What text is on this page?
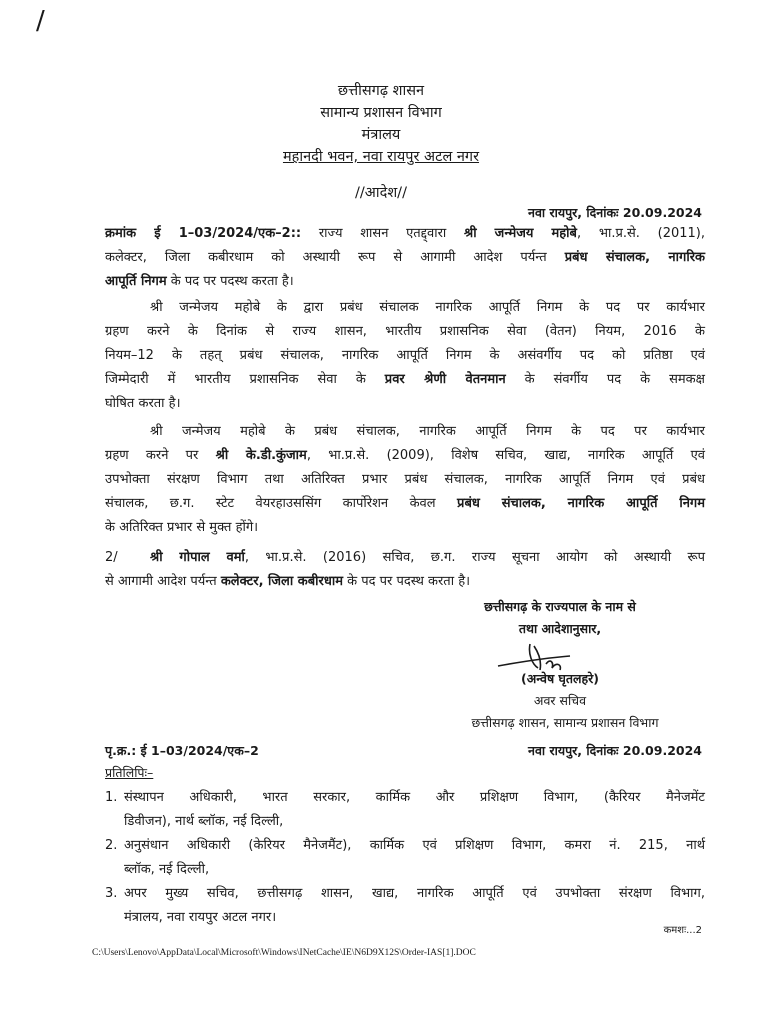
/
छत्तीसगढ़ शासन
सामान्य प्रशासन विभाग
मंत्रालय
महानदी भवन, नवा रायपुर अटल नगर
//आदेश//
नवा रायपुर, दिनांकः 20.09.2024
क्रमांक ई 1–03/2024/एक–2:: राज्य शासन एतद्द्वारा श्री जन्मेजय महोबे, भा.प्र.से. (2011),
कलेक्टर, जिला कबीरधाम को अस्थायी रूप से आगामी आदेश पर्यन्त प्रबंध संचालक, नागरिक
आपूर्ति निगम के पद पर पदस्थ करता है।
श्री जन्मेजय महोबे के द्वारा प्रबंध संचालक नागरिक आपूर्ति निगम के पद पर कार्यभार
ग्रहण करने के दिनांक से राज्य शासन, भारतीय प्रशासनिक सेवा (वेतन) नियम, 2016 के
नियम–12 के तहत् प्रबंध संचालक, नागरिक आपूर्ति निगम के असंवर्गीय पद को प्रतिष्ठा एवं
जिम्मेदारी में भारतीय प्रशासनिक सेवा के प्रवर श्रेणी वेतनमान के संवर्गीय पद के समकक्ष
घोषित करता है।
श्री जन्मेजय महोबे के प्रबंध संचालक, नागरिक आपूर्ति निगम के पद पर कार्यभार
ग्रहण करने पर श्री के.डी.कुंजाम, भा.प्र.से. (2009), विशेष सचिव, खाद्य, नागरिक आपूर्ति एवं
उपभोक्ता संरक्षण विभाग तथा अतिरिक्त प्रभार प्रबंध संचालक, नागरिक आपूर्ति निगम एवं प्रबंध
संचालक, छ.ग. स्टेट वेयरहाउससिंग कार्पोरेशन केवल प्रबंध संचालक, नागरिक आपूर्ति निगम
के अतिरिक्त प्रभार से मुक्त होंगे।
2/	श्री गोपाल वर्मा, भा.प्र.से. (2016) सचिव, छ.ग. राज्य सूचना आयोग को अस्थायी रूप
से आगामी आदेश पर्यन्त कलेक्टर, जिला कबीरधाम के पद पर पदस्थ करता है।
छत्तीसगढ़ के राज्यपाल के नाम से
तथा आदेशानुसार,
(अन्वेष घृतलहरे)
अवर सचिव
छत्तीसगढ़ शासन, सामान्य प्रशासन विभाग
पृ.क्र.: ई 1–03/2024/एक–2	नवा रायपुर, दिनांकः 20.09.2024
प्रतिलिपिः–
1. संस्थापन अधिकारी, भारत सरकार, कार्मिक और प्रशिक्षण विभाग, (कैरियर मैनेजमेंट
डिवीजन), नार्थ ब्लॉक, नई दिल्ली,
2. अनुसंधान अधिकारी (केरियर मैनेजमैंट), कार्मिक एवं प्रशिक्षण विभाग, कमरा नं. 215, नार्थ
ब्लॉक, नई दिल्ली,
3. अपर मुख्य सचिव, छत्तीसगढ़ शासन, खाद्य, नागरिक आपूर्ति एवं उपभोक्ता संरक्षण विभाग,
मंत्रालय, नवा रायपुर अटल नगर।
कमशः...2
C:\Users\Lenovo\AppData\Local\Microsoft\Windows\INetCache\IE\N6D9X12S\Order-IAS[1].DOC
